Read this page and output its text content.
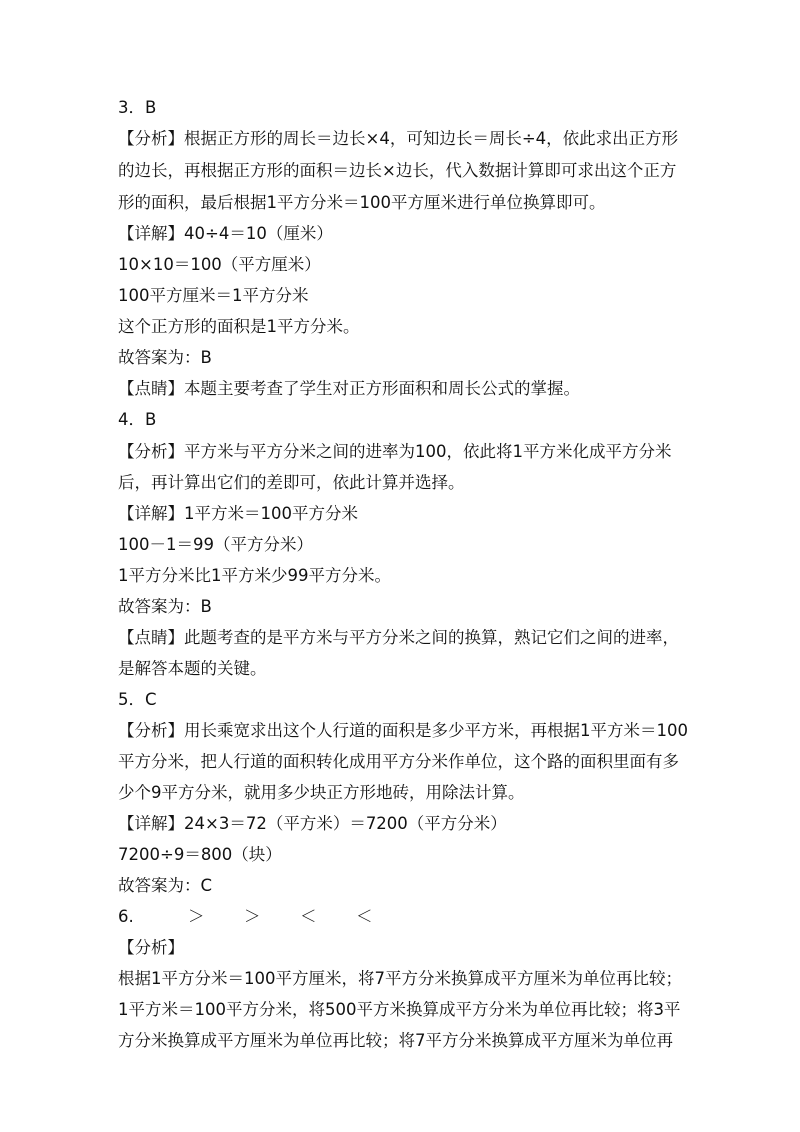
3．B
【分析】根据正方形的周长＝边长×4，可知边长＝周长÷4，依此求出正方形
的边长，再根据正方形的面积＝边长×边长，代入数据计算即可求出这个正方
形的面积，最后根据1平方分米＝100平方厘米进行单位换算即可。
【详解】40÷4＝10（厘米）
10×10＝100（平方厘米）
100平方厘米＝1平方分米
这个正方形的面积是1平方分米。
故答案为：B
【点睛】本题主要考查了学生对正方形面积和周长公式的掌握。
4．B
【分析】平方米与平方分米之间的进率为100，依此将1平方米化成平方分米
后，再计算出它们的差即可，依此计算并选择。
【详解】1平方米＝100平方分米
100－1＝99（平方分米）
1平方分米比1平方米少99平方分米。
故答案为：B
【点睛】此题考查的是平方米与平方分米之间的换算，熟记它们之间的进率，
是解答本题的关键。
5．C
【分析】用长乘宽求出这个人行道的面积是多少平方米，再根据1平方米＝100
平方分米，把人行道的面积转化成用平方分米作单位，这个路的面积里面有多
少个9平方分米，就用多少块正方形地砖，用除法计算。
【详解】24×3＝72（平方米）＝7200（平方分米）
7200÷9＝800（块）
故答案为：C
6.	＞ ＞ ＜ ＜
【分析】
根据1平方分米＝100平方厘米，将7平方分米换算成平方厘米为单位再比较；
1平方米＝100平方分米，将500平方米换算成平方分米为单位再比较；将3平
方分米换算成平方厘米为单位再比较；将7平方分米换算成平方厘米为单位再
